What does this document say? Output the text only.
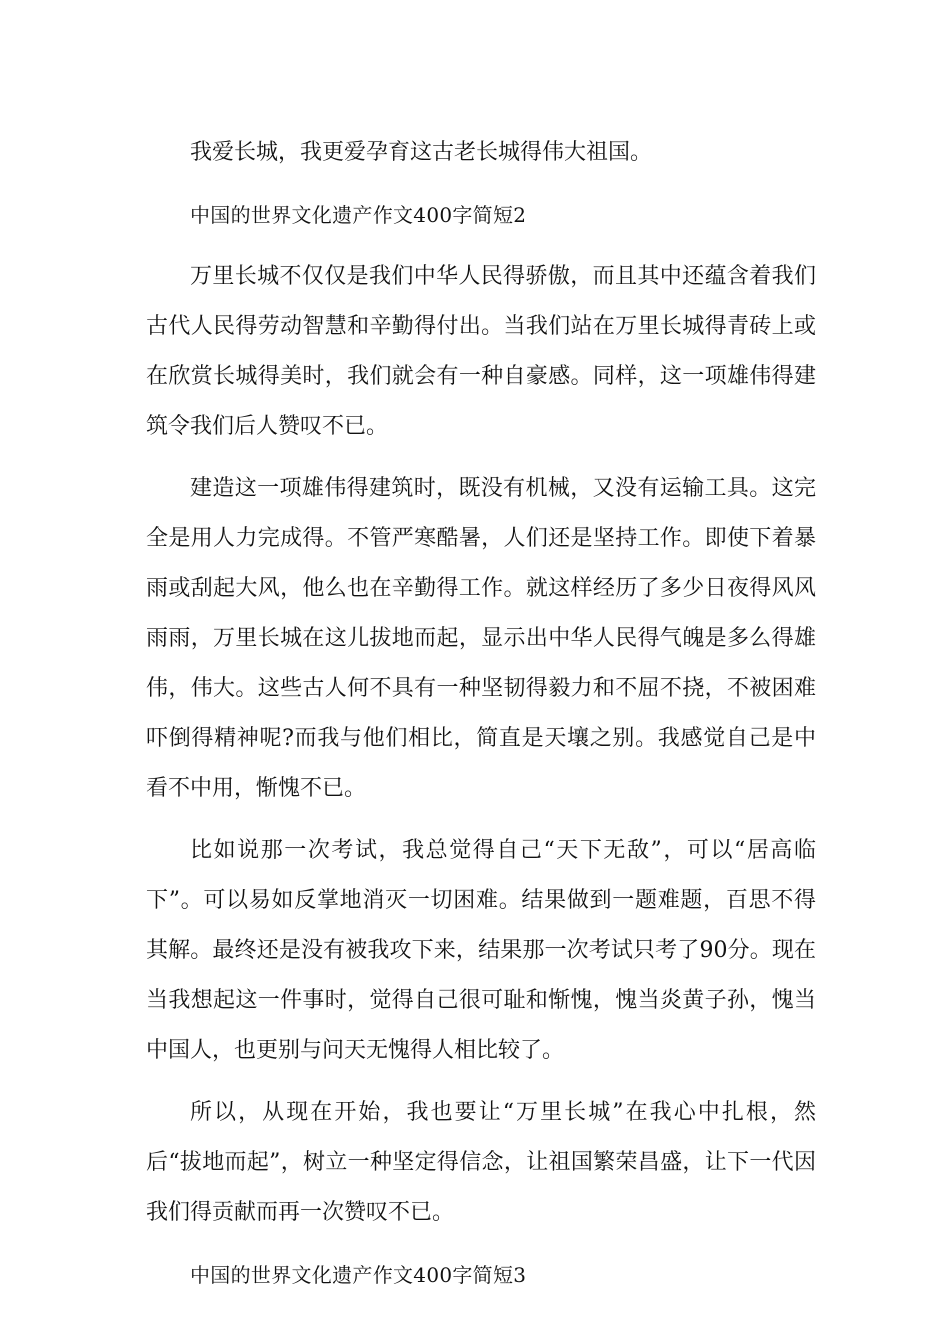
我爱长城，我更爱孕育这古老长城得伟大祖国。

中国的世界文化遗产作文400字简短2

万里长城不仅仅是我们中华人民得骄傲，而且其中还蕴含着我们古代人民得劳动智慧和辛勤得付出。当我们站在万里长城得青砖上或在欣赏长城得美时，我们就会有一种自豪感。同样，这一项雄伟得建筑令我们后人赞叹不已。

建造这一项雄伟得建筑时，既没有机械，又没有运输工具。这完全是用人力完成得。不管严寒酷暑，人们还是坚持工作。即使下着暴雨或刮起大风，他么也在辛勤得工作。就这样经历了多少日夜得风风雨雨，万里长城在这儿拔地而起，显示出中华人民得气魄是多么得雄伟，伟大。这些古人何不具有一种坚韧得毅力和不屈不挠，不被困难吓倒得精神呢?而我与他们相比，简直是天壤之别。我感觉自己是中看不中用，惭愧不已。

比如说那一次考试，我总觉得自己“天下无敌”，可以“居高临下”。可以易如反掌地消灭一切困难。结果做到一题难题，百思不得其解。最终还是没有被我攻下来，结果那一次考试只考了90分。现在当我想起这一件事时，觉得自己很可耻和惭愧，愧当炎黄子孙，愧当中国人，也更别与问天无愧得人相比较了。

所以，从现在开始，我也要让“万里长城”在我心中扎根，然后“拔地而起”，树立一种坚定得信念，让祖国繁荣昌盛，让下一代因我们得贡献而再一次赞叹不已。

中国的世界文化遗产作文400字简短3
